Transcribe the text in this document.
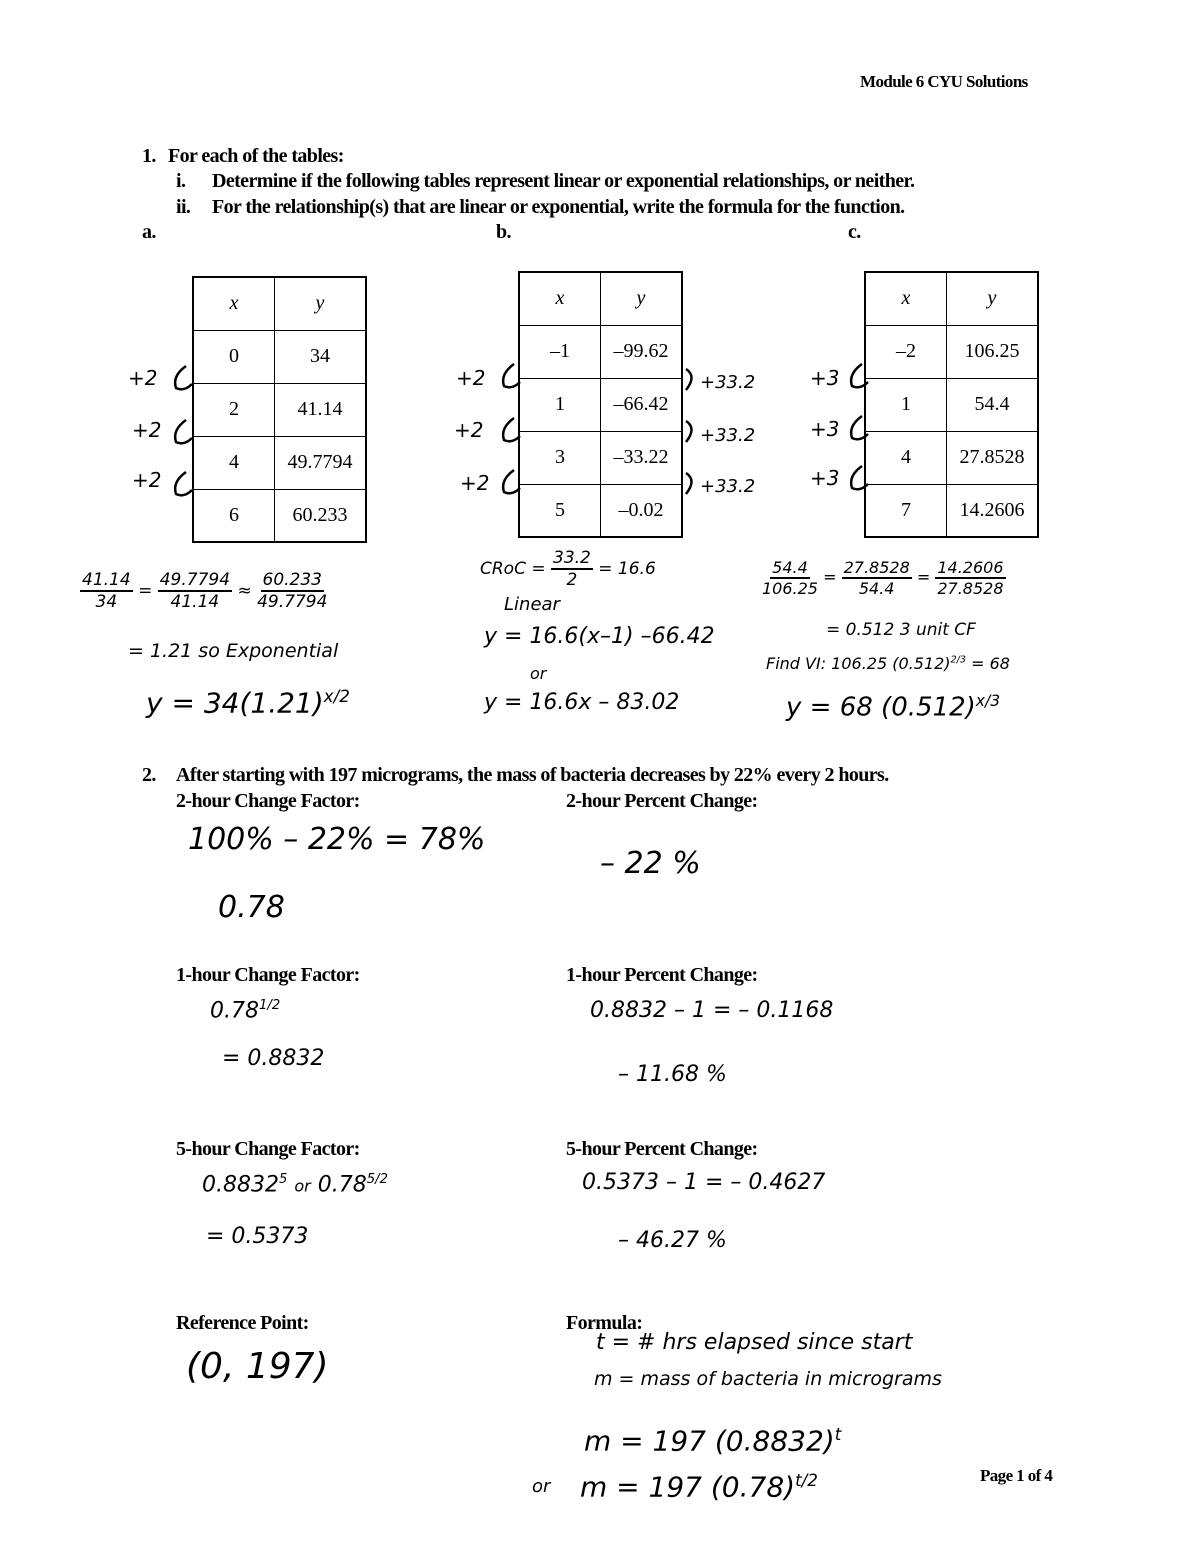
Module 6 CYU Solutions
1. For each of the tables:
i. Determine if the following tables represent linear or exponential relationships, or neither.
ii. For the relationship(s) that are linear or exponential, write the formula for the function.
a.	b.	c.
x	y
0	34
2	41.14
4	49.7794
6	60.233
+2
+2
+2
x	y
–1	–99.62
1	–66.42
3	–33.22
5	–0.02
+2
+2
+2
+33.2
+33.2
+33.2
x	y
–2	106.25
1	54.4
4	27.8528
7	14.2606
+3
+3
+3
$\frac{41.14}{34} = \frac{49.7794}{41.14} \approx \frac{60.233}{49.7794}$
= 1.21 so Exponential
$y = 34(1.21)^{x/2}$
CRoC = $\frac{33.2}{2} = 16.6$
Linear
y = 16.6(x–1) –66.42
or
y = 16.6x – 83.02
$\frac{54.4}{106.25} = \frac{27.8528}{54.4} = \frac{14.2606}{27.8528}$
= 0.512 3 unit CF
Find VI: 106.25 $(0.512)^{2/3} = 68$
y = 68 $(0.512)^{x/3}$
2. After starting with 197 micrograms, the mass of bacteria decreases by 22% every 2 hours.
2-hour Change Factor:
100% – 22% = 78%
0.78
2-hour Percent Change:
– 22 %
1-hour Change Factor:
$0.78^{1/2}$
= 0.8832
1-hour Percent Change:
0.8832 – 1 = – 0.1168
– 11.68 %
5-hour Change Factor:
0.8832$^5$ or $0.78^{5/2}$
= 0.5373
5-hour Percent Change:
0.5373 – 1 = – 0.4627
– 46.27 %
Reference Point:
(0, 197)
Formula:
t = # hrs elapsed since start
m = mass of bacteria in micrograms
m = 197 $(0.8832)^t$
or m = 197 $(0.78)^{t/2}$	Page 1 of 4
